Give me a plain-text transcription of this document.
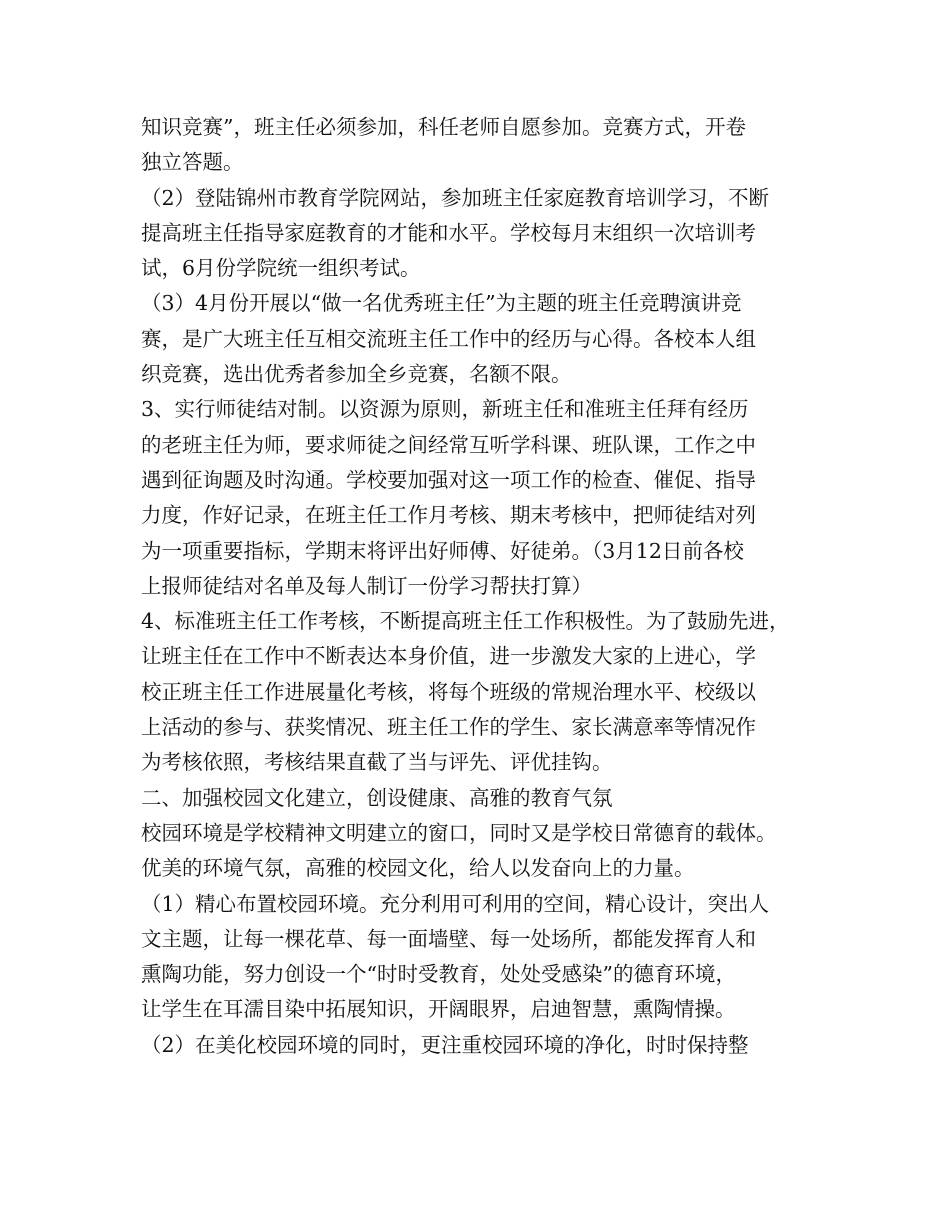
知识竞赛”，班主任必须参加，科任老师自愿参加。竞赛方式，开卷
独立答题。
（2）登陆锦州市教育学院网站，参加班主任家庭教育培训学习，不断
提高班主任指导家庭教育的才能和水平。学校每月末组织一次培训考
试，6月份学院统一组织考试。
（3）4月份开展以“做一名优秀班主任”为主题的班主任竞聘演讲竞
赛，是广大班主任互相交流班主任工作中的经历与心得。各校本人组
织竞赛，选出优秀者参加全乡竞赛，名额不限。
3、实行师徒结对制。以资源为原则，新班主任和准班主任拜有经历
的老班主任为师，要求师徒之间经常互听学科课、班队课，工作之中
遇到征询题及时沟通。学校要加强对这一项工作的检查、催促、指导
力度，作好记录，在班主任工作月考核、期末考核中，把师徒结对列
为一项重要指标，学期末将评出好师傅、好徒弟。（3月12日前各校
上报师徒结对名单及每人制订一份学习帮扶打算）
4、标准班主任工作考核，不断提高班主任工作积极性。为了鼓励先进，
让班主任在工作中不断表达本身价值，进一步激发大家的上进心，学
校正班主任工作进展量化考核，将每个班级的常规治理水平、校级以
上活动的参与、获奖情况、班主任工作的学生、家长满意率等情况作
为考核依照，考核结果直截了当与评先、评优挂钩。
二、加强校园文化建立，创设健康、高雅的教育气氛
校园环境是学校精神文明建立的窗口，同时又是学校日常德育的载体。
优美的环境气氛，高雅的校园文化，给人以发奋向上的力量。
（1）精心布置校园环境。充分利用可利用的空间，精心设计，突出人
文主题，让每一棵花草、每一面墙壁、每一处场所，都能发挥育人和
熏陶功能，努力创设一个“时时受教育，处处受感染”的德育环境，
让学生在耳濡目染中拓展知识，开阔眼界，启迪智慧，熏陶情操。
（2）在美化校园环境的同时，更注重校园环境的净化，时时保持整
